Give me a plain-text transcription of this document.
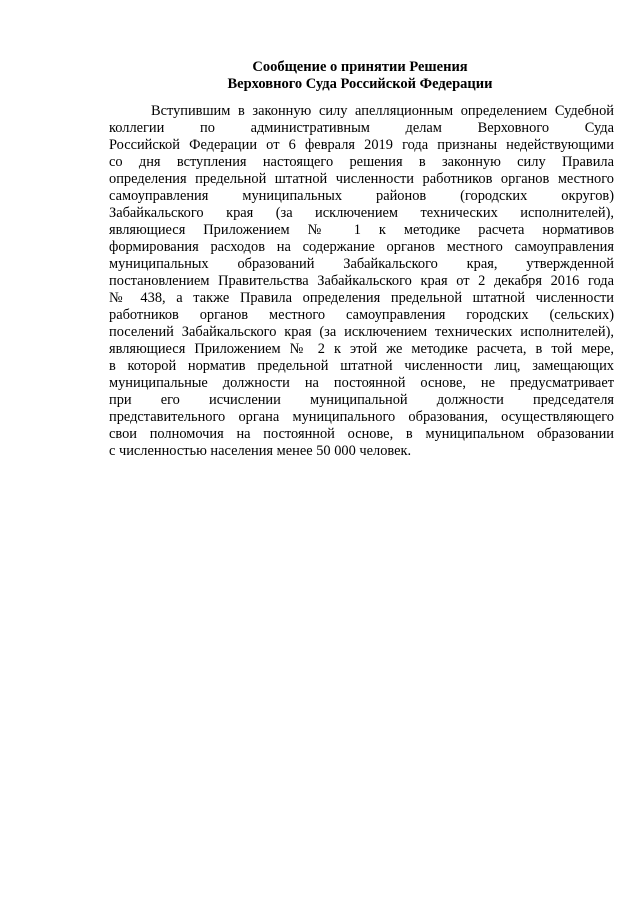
Сообщение о принятии Решения
Верховного Суда Российской Федерации
Вступившим в законную силу апелляционным определением Судебной
коллегии по административным делам Верховного Суда
Российской Федерации от 6 февраля 2019 года признаны недействующими
со дня вступления настоящего решения в законную силу Правила
определения предельной штатной численности работников органов местного
самоуправления муниципальных районов (городских округов)
Забайкальского края (за исключением технических исполнителей),
являющиеся Приложением № 1 к методике расчета нормативов
формирования расходов на содержание органов местного самоуправления
муниципальных образований Забайкальского края, утвержденной
постановлением Правительства Забайкальского края от 2 декабря 2016 года
№ 438, а также Правила определения предельной штатной численности
работников органов местного самоуправления городских (сельских)
поселений Забайкальского края (за исключением технических исполнителей),
являющиеся Приложением № 2 к этой же методике расчета, в той мере,
в которой норматив предельной штатной численности лиц, замещающих
муниципальные должности на постоянной основе, не предусматривает
при его исчислении муниципальной должности председателя
представительного органа муниципального образования, осуществляющего
свои полномочия на постоянной основе, в муниципальном образовании
с численностью населения менее 50 000 человек.
